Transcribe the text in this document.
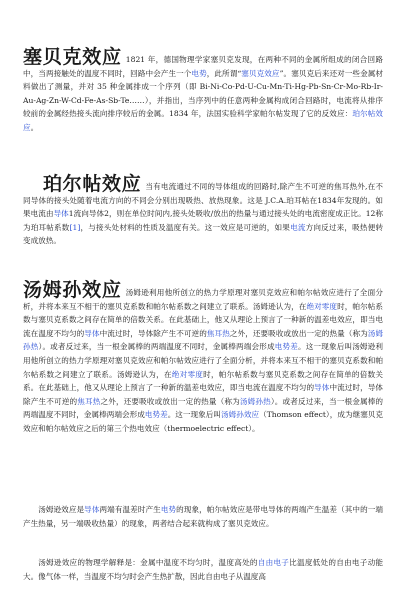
塞贝克效应 1821 年，德国物理学家塞贝克发现，在两种不同的金属所组成的闭合回路中，当两接触处的温度不同时，回路中会产生一个电势，此所谓“塞贝克效应”。塞贝克后来还对一些金属材料做出了测量，并对 35 种金属排成一个序列（即 Bi-Ni-Co-Pd-U-Cu-Mn-Ti-Hg-Pb-Sn-Cr-Mo-Rb-Ir-Au-Ag-Zn-W-Cd-Fe-As-Sb-Te……），并指出，当序列中的任意两种金属构成闭合回路时，电流将从排序较前的金属经热接头流向排序较后的金属。1834 年，法国实验科学家帕尔帖发现了它的反效应：珀尔帖效应。
珀尔帖效应 当有电流通过不同的导体组成的回路时,除产生不可逆的焦耳热外,在不同导体的接头处随着电流方向的不同会分别出现吸热、放热现象。这是 J.C.A.珀耳帖在1834年发现的。如果电流由导体1流向导体2，则在单位时间内,接头处吸收/放出的热量与通过接头处的电流密度成正比。12称为珀耳帖系数[1]，与接头处材料的性质及温度有关。这一效应是可逆的，如果电流方向反过来，吸热便转变成放热。
汤姆孙效应 汤姆逊利用他所创立的热力学原理对塞贝克效应和帕尔帖效应进行了全面分析，并将本来互不相干的塞贝克系数和帕尔帖系数之间建立了联系。汤姆逊认为，在绝对零度时，帕尔帖系数与塞贝克系数之间存在简单的倍数关系。在此基础上，他又从理论上预言了一种新的温差电效应，即当电流在温度不均匀的导体中流过时，导体除产生不可逆的焦耳热之外，还要吸收或放出一定的热量（称为汤姆孙热）。或者反过来，当一根金属棒的两端温度不同时，金属棒两端会形成电势差。这一现象后叫汤姆逊利用他所创立的热力学原理对塞贝克效应和帕尔帖效应进行了全面分析，并将本来互不相干的塞贝克系数和帕尔帖系数之间建立了联系。汤姆逊认为，在绝对零度时，帕尔帖系数与塞贝克系数之间存在简单的倍数关系。在此基础上，他又从理论上预言了一种新的温差电效应，即当电流在温度不均匀的导体中流过时，导体除产生不可逆的焦耳热之外，还要吸收或放出一定的热量（称为汤姆孙热）。或者反过来，当一根金属棒的两端温度不同时，金属棒两端会形成电势差。这一现象后叫汤姆孙效应（Thomson effect），成为继塞贝克效应和帕尔帖效应之后的第三个热电效应（thermoelectric effect）。
汤姆逊效应是导体两端有温差时产生电势的现象，帕尔帖效应是带电导体的两端产生温差（其中的一端产生热量，另一端吸收热量）的现象，两者结合起来就构成了塞贝克效应。
汤姆逊效应的物理学解释是：金属中温度不均匀时，温度高处的自由电子比温度低处的自由电子动能大。像气体一样，当温度不均匀时会产生热扩散，因此自由电子从温度高
